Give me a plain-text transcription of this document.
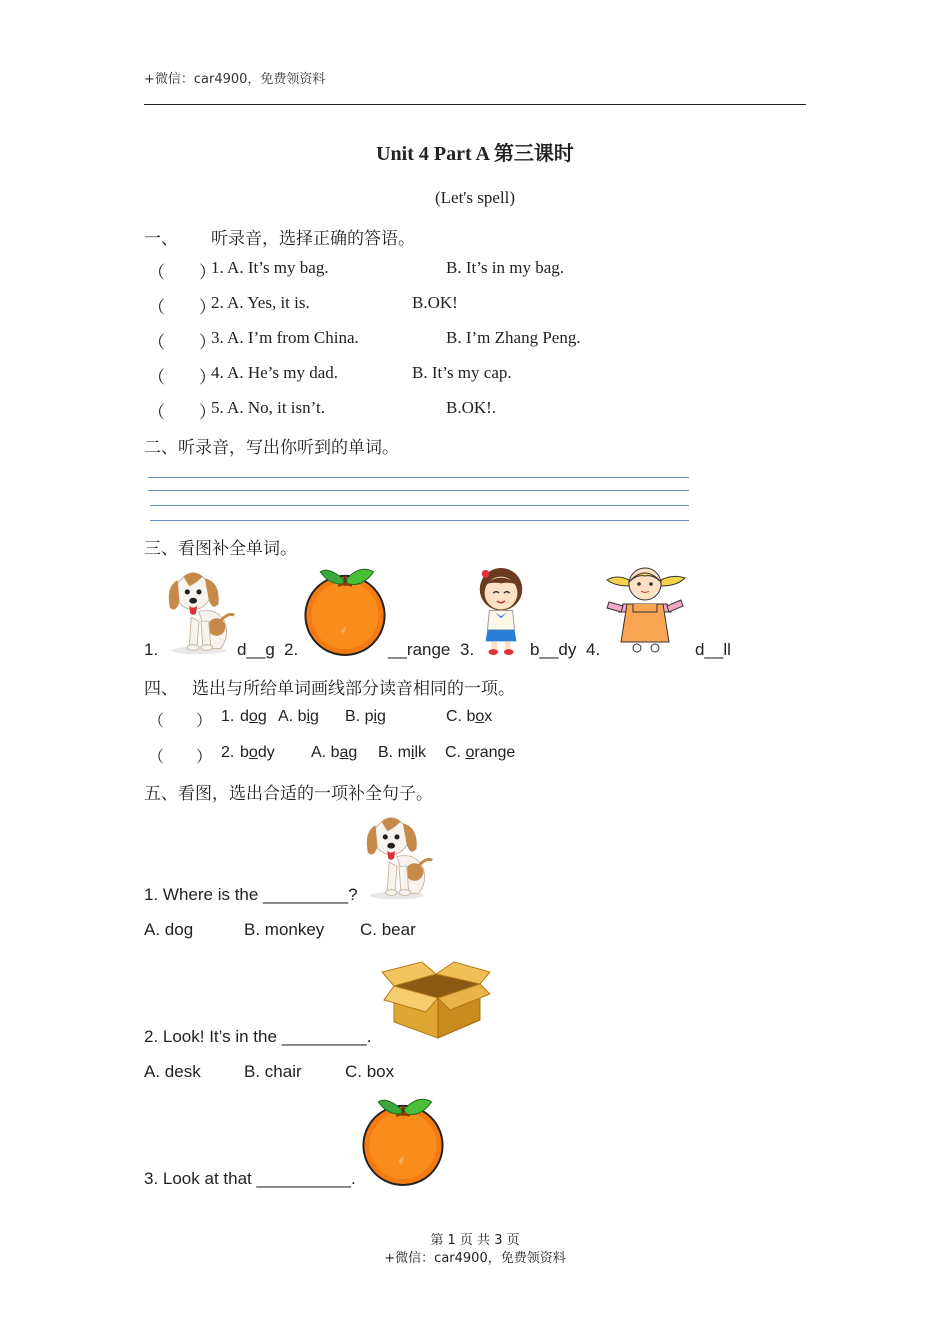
+微信：car4900，免费领资料
Unit 4 Part A 第三课时
(Let's spell)
一、 听录音，选择正确的答语。
（　　）
1. A. It’s my bag.	B. It’s in my bag.
（　　）
2. A. Yes, it is.	B.OK!
（　　）
3. A. I’m from China.	B. I’m Zhang Peng.
（　　）
4. A. He’s my dad.	B. It’s my cap.
（　　）
5. A. No, it isn’t.	B.OK!.
二、听录音，写出你听到的单词。
三、看图补全单词。
1.	d__g 2.	__range 3.	b__dy 4.	d__ll
四、 选出与所给单词画线部分读音相同的一项。
（　　） 1. dog A. big B. pig	C. box
（　　） 2. body A. bag B. milk C. orange
五、看图，选出合适的一项补全句子。
1. Where is the _________?
A. dog	B. monkey C. bear
2. Look! It’s in the _________.
A. desk	B. chair	C. box
3. Look at that __________.
第 1 页 共 3 页
+微信：car4900，免费领资料
